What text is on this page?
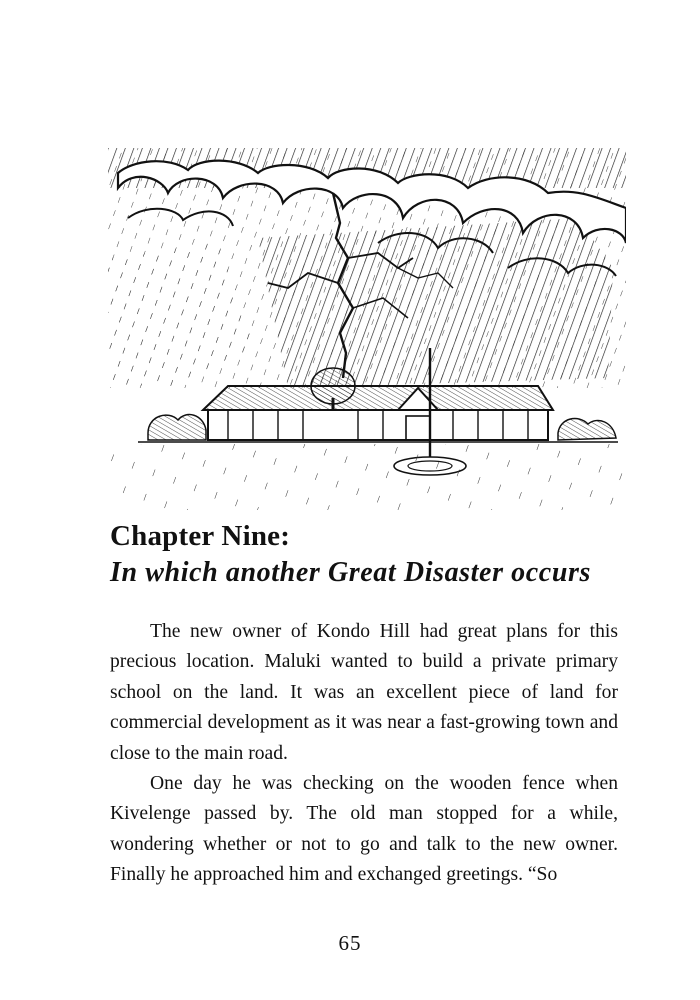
Chapter Nine:
In which another Great Disaster occurs

The new owner of Kondo Hill had great plans for this precious location. Maluki wanted to build a private primary school on the land. It was an excellent piece of land for commercial development as it was near a fast-growing town and close to the main road.

One day he was checking on the wooden fence when Kivelenge passed by. The old man stopped for a while, wondering whether or not to go and talk to the new owner. Finally he approached him and exchanged greetings. “So

65
